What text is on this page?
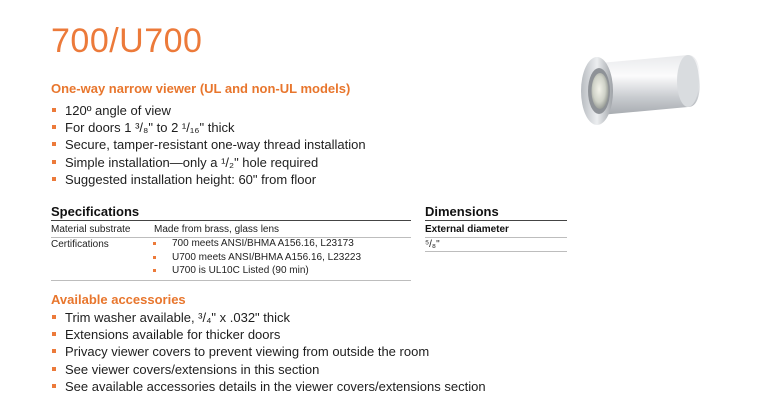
700/U700
One-way narrow viewer (UL and non-UL models)
120º angle of view
For doors 1 ³/₈" to 2 ¹/₁₆" thick
Secure, tamper-resistant one-way thread installation
Simple installation—only a ¹/₂" hole required
Suggested installation height: 60" from floor
Specifications
Material substrate Made from brass, glass lens
Certifications	700 meets ANSI/BHMA A156.16, L23173
U700 meets ANSI/BHMA A156.16, L23223
U700 is UL10C Listed (90 min)
Dimensions
External diameter
⁵/₈"
Available accessories
Trim washer available, ³/₄" x .032" thick
Extensions available for thicker doors
Privacy viewer covers to prevent viewing from outside the room
See viewer covers/extensions in this section
See available accessories details in the viewer covers/extensions section
